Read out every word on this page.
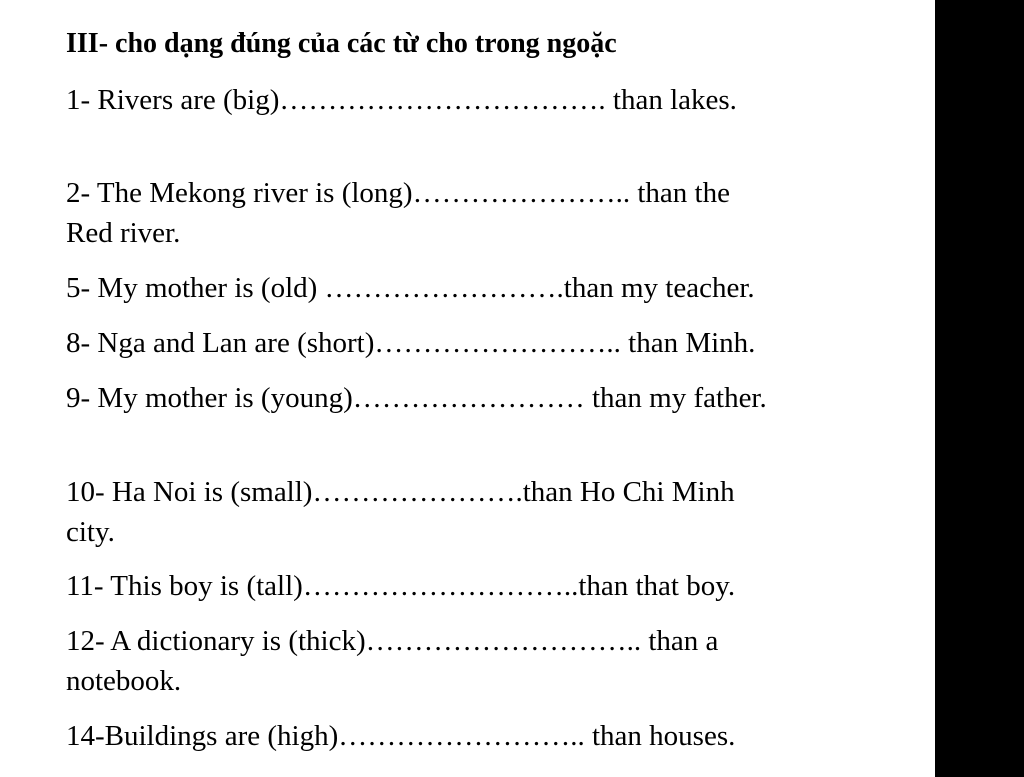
III- cho dạng đúng của các từ cho trong ngoặc
1- Rivers are (big)……………………………. than lakes.
2- The Mekong river is (long)………………….. than the
Red river.
5- My mother is (old) …………………….than my teacher.
8- Nga and Lan are (short)…………………….. than Minh.
9- My mother is (young)…………………… than my father.
10- Ha Noi is (small)………………….than Ho Chi Minh
city.
11- This boy is (tall)………………………..than that boy.
12- A dictionary is (thick)……………………….. than a
notebook.
14-Buildings are (high)…………………….. than houses.
